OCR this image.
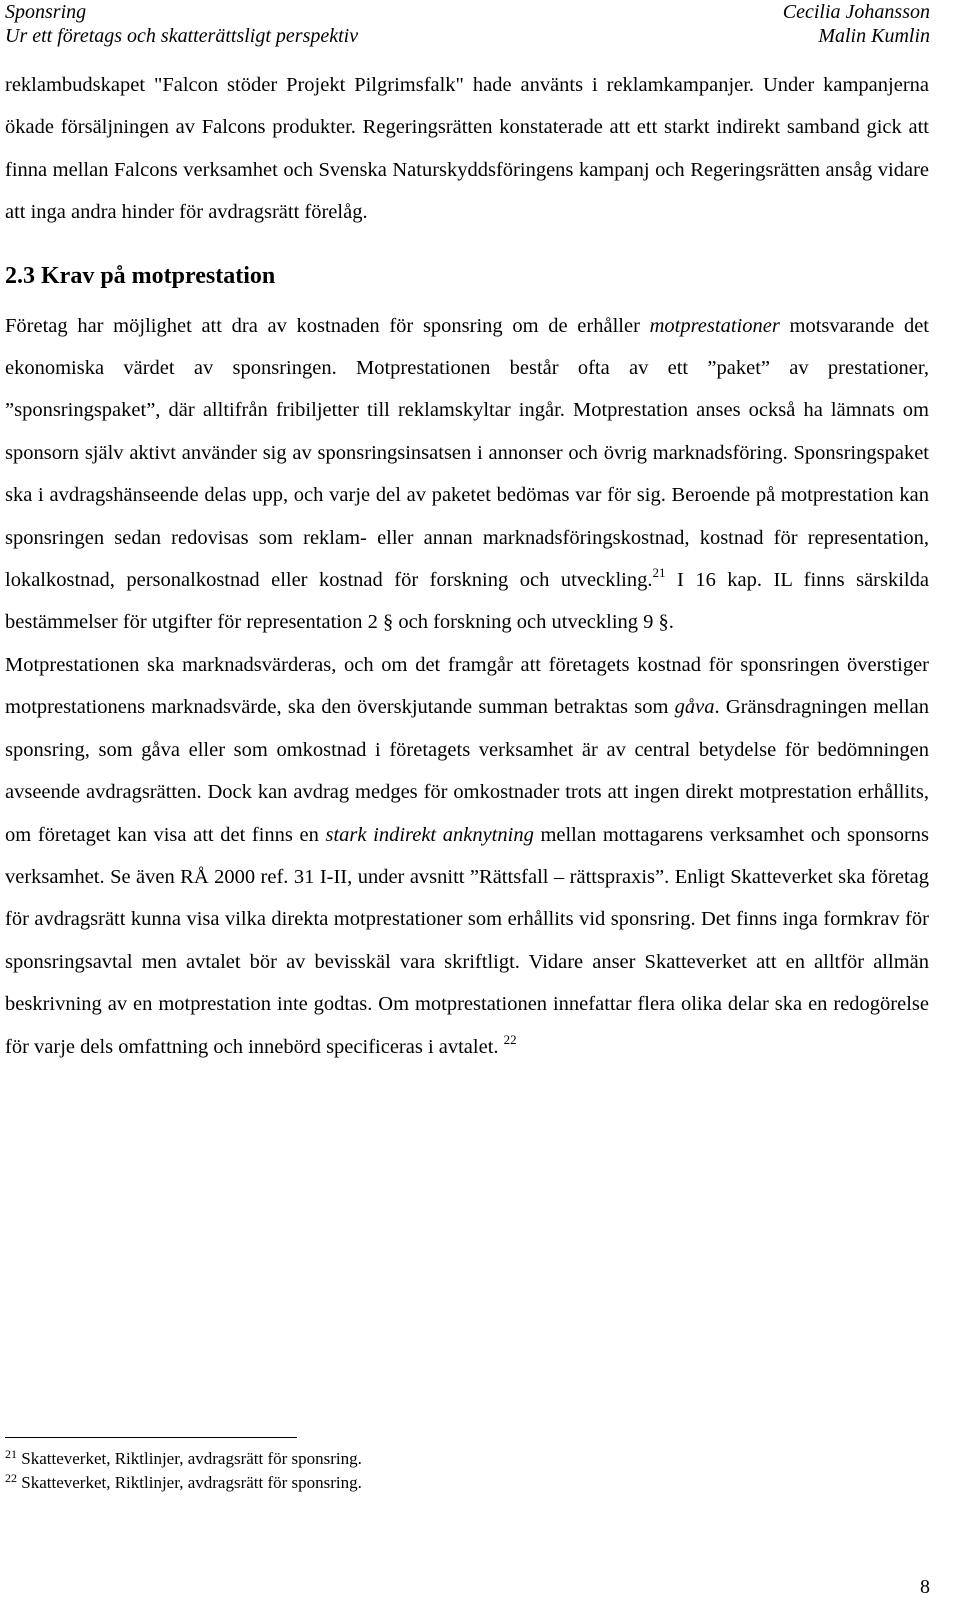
Sponsring
Ur ett företags och skatterättsligt perspektiv
Cecilia Johansson
Malin Kumlin

reklambudskapet "Falcon stöder Projekt Pilgrimsfalk" hade använts i reklamkampanjer. Under kampanjerna ökade försäljningen av Falcons produkter. Regeringsrätten konstaterade att ett starkt indirekt samband gick att finna mellan Falcons verksamhet och Svenska Naturskyddsföringens kampanj och Regeringsrätten ansåg vidare att inga andra hinder för avdragsrätt förelåg.

2.3 Krav på motprestation

Företag har möjlighet att dra av kostnaden för sponsring om de erhåller motprestationer motsvarande det ekonomiska värdet av sponsringen. Motprestationen består ofta av ett ”paket” av prestationer, ”sponsringspaket”, där alltifrån fribiljetter till reklamskyltar ingår. Motprestation anses också ha lämnats om sponsorn själv aktivt använder sig av sponsringsinsatsen i annonser och övrig marknadsföring. Sponsringspaket ska i avdragshänseende delas upp, och varje del av paketet bedömas var för sig. Beroende på motprestation kan sponsringen sedan redovisas som reklam- eller annan marknadsföringskostnad, kostnad för representation, lokalkostnad, personalkostnad eller kostnad för forskning och utveckling.$^{21}$ I 16 kap. IL finns särskilda bestämmelser för utgifter för representation 2 § och forskning och utveckling 9 §.

Motprestationen ska marknadsvärderas, och om det framgår att företagets kostnad för sponsringen överstiger motprestationens marknadsvärde, ska den överskjutande summan betraktas som gåva. Gränsdragningen mellan sponsring, som gåva eller som omkostnad i företagets verksamhet är av central betydelse för bedömningen avseende avdragsrätten. Dock kan avdrag medges för omkostnader trots att ingen direkt motprestation erhållits, om företaget kan visa att det finns en stark indirekt anknytning mellan mottagarens verksamhet och sponsorns verksamhet. Se även RÅ 2000 ref. 31 I-II, under avsnitt ”Rättsfall – rättspraxis”. Enligt Skatteverket ska företag för avdragsrätt kunna visa vilka direkta motprestationer som erhållits vid sponsring. Det finns inga formkrav för sponsringsavtal men avtalet bör av bevisskäl vara skriftligt. Vidare anser Skatteverket att en alltför allmän beskrivning av en motprestation inte godtas. Om motprestationen innefattar flera olika delar ska en redogörelse för varje dels omfattning och innebörd specificeras i avtalet. $^{22}$

$^{21}$ Skatteverket, Riktlinjer, avdragsrätt för sponsring.
$^{22}$ Skatteverket, Riktlinjer, avdragsrätt för sponsring.
8
